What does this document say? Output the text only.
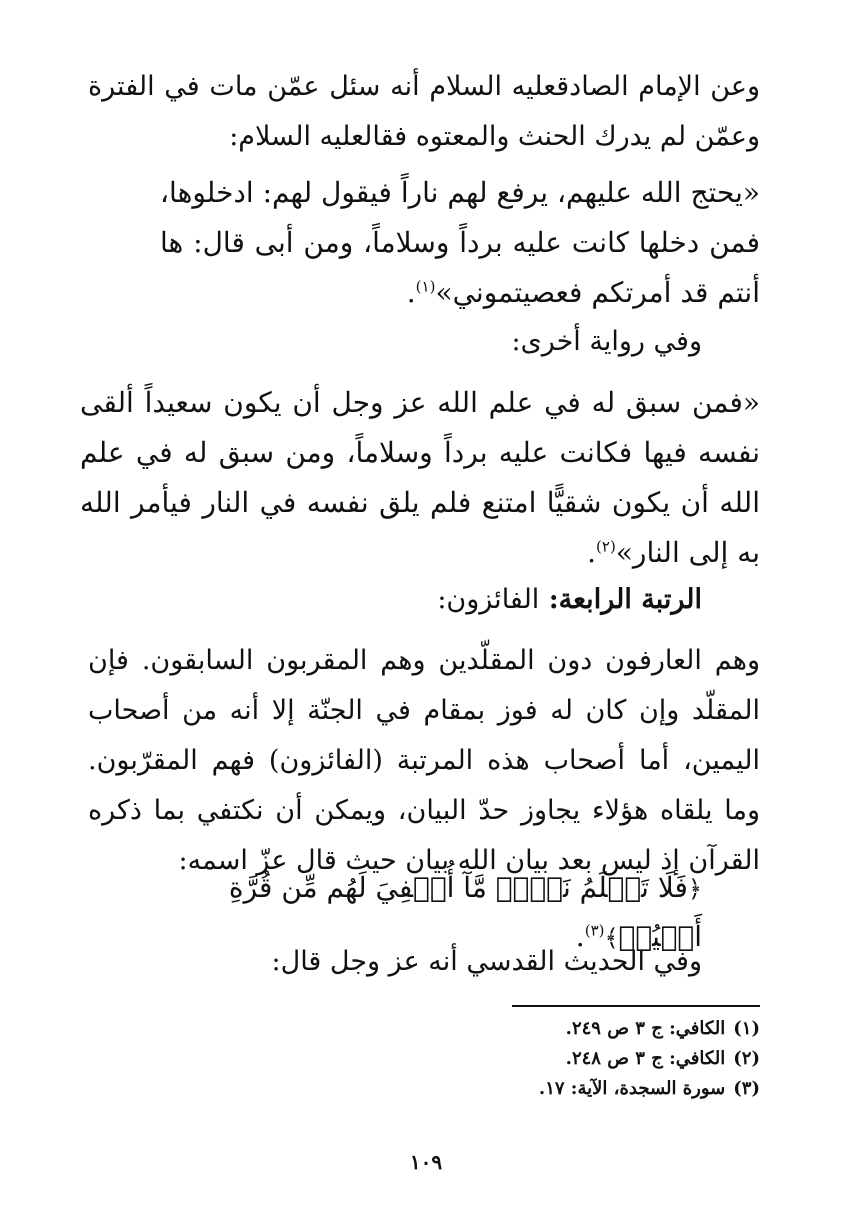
وعن الإمام الصادقعليه السلام أنه سئل عمّن مات في الفترة وعمّن لم يدرك الحنث والمعتوه فقالعليه السلام:

«يحتج الله عليهم، يرفع لهم ناراً فيقول لهم: ادخلوها، فمن دخلها كانت عليه برداً وسلاماً، ومن أبى قال: ها أنتم قد أمرتكم فعصيتموني»$^{(١)}$.

وفي رواية أخرى:

«فمن سبق له في علم الله عز وجل أن يكون سعيداً ألقى نفسه فيها فكانت عليه برداً وسلاماً، ومن سبق له في علم الله أن يكون شقيًّا امتنع فلم يلق نفسه في النار فيأمر الله به إلى النار»$^{(٢)}$.

الرتبة الرابعة: الفائزون:

وهم العارفون دون المقلّدين وهم المقربون السابقون. فإن المقلّد وإن كان له فوز بمقام في الجنّة إلا أنه من أصحاب اليمين، أما أصحاب هذه المرتبة (الفائزون) فهم المقرّبون. وما يلقاه هؤلاء يجاوز حدّ البيان، ويمكن أن نكتفي بما ذكره القرآن إذ ليس بعد بيان الله بيان حيث قال عزّ اسمه:

﴿فَلَا تَعۡلَمُ نَفۡسٞ مَّآ أُخۡفِيَ لَهُم مِّن قُرَّةِ أَعۡيُنٖ﴾$^{(٣)}$.

وفي الحديث القدسي أنه عز وجل قال:

(١)الكافي: ج ٣ ص ٢٤٩.
(٢)الكافي: ج ٣ ص ٢٤٨.
(٣)سورة السجدة، الآية: ١٧.
١٠٩
